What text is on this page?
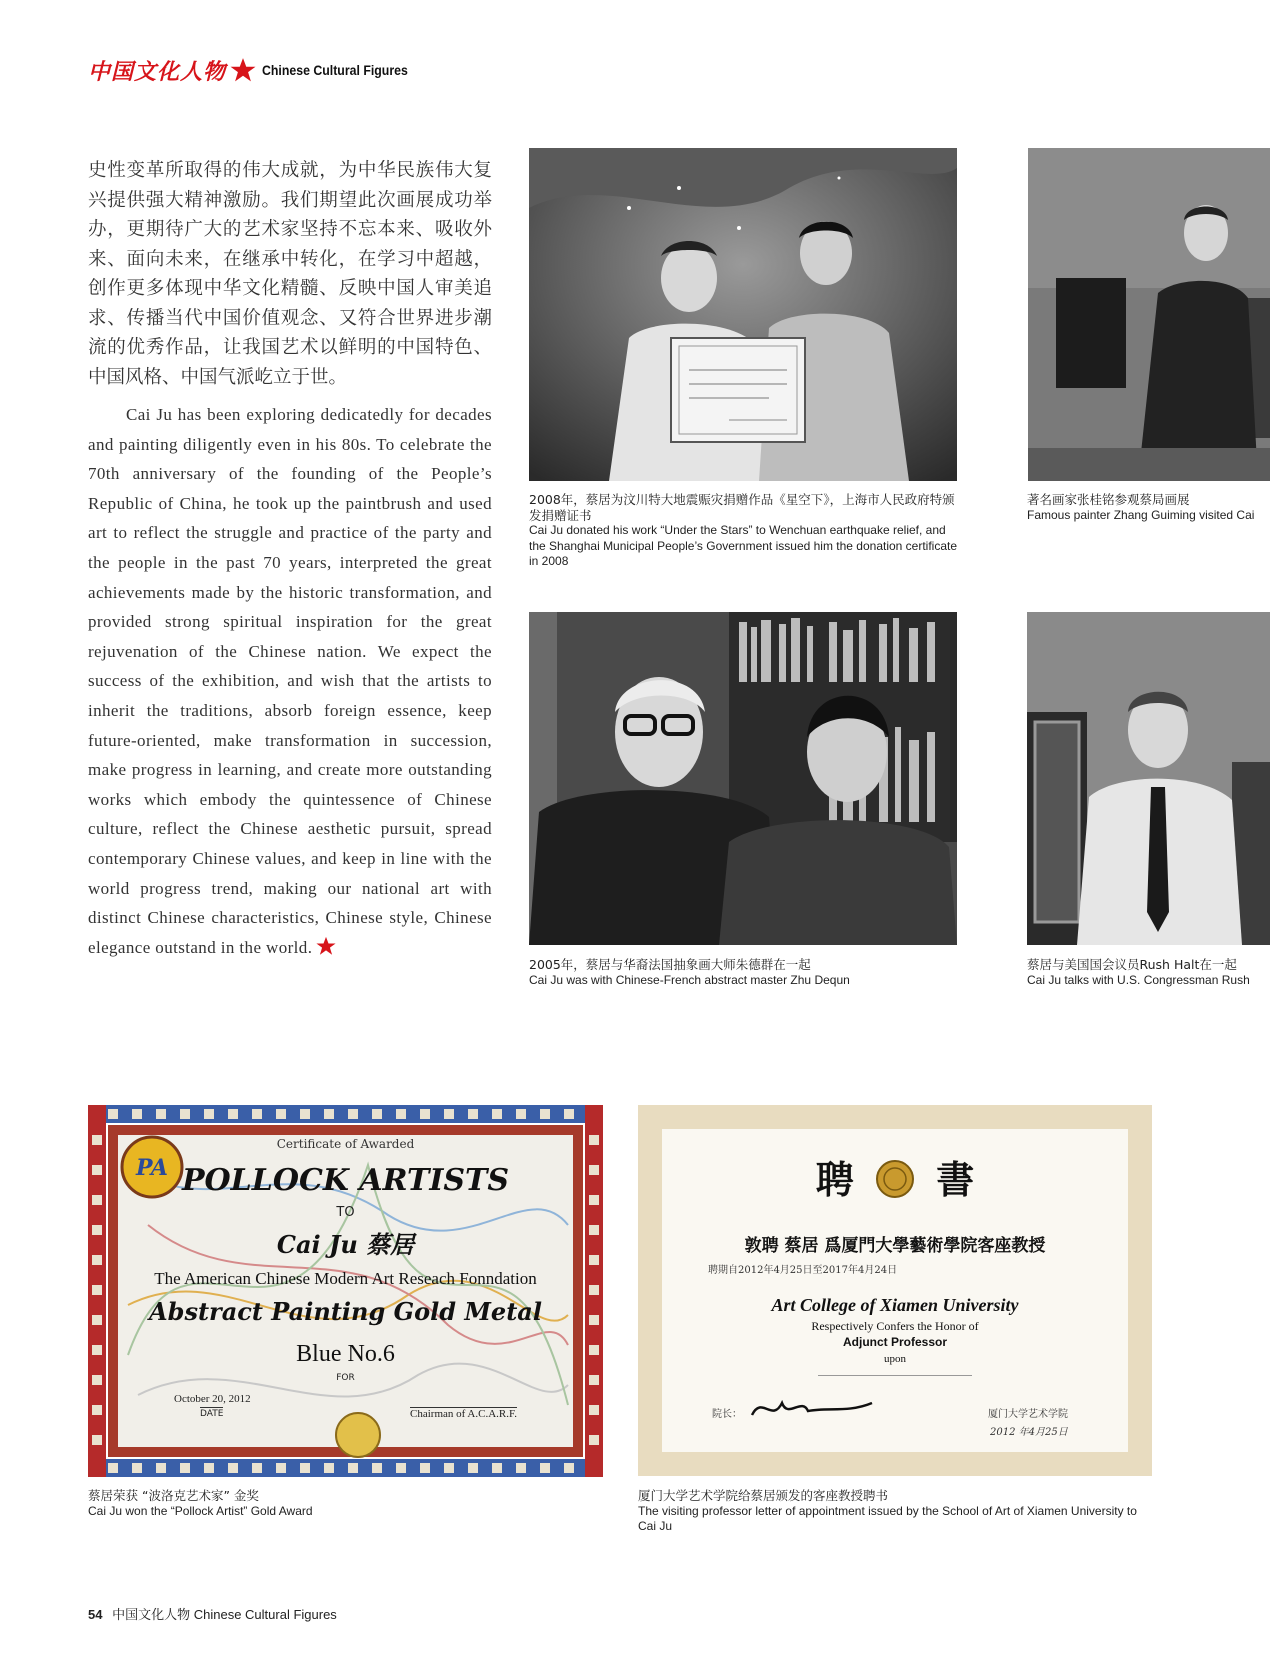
中国文化人物	Chinese Cultural Figures

史性变革所取得的伟大成就，为中华民族伟大复兴提供强大精神激励。我们期望此次画展成功举办，更期待广大的艺术家坚持不忘本来、吸收外来、面向未来，在继承中转化，在学习中超越，创作更多体现中华文化精髓、反映中国人审美追求、传播当代中国价值观念、又符合世界进步潮流的优秀作品，让我国艺术以鲜明的中国特色、中国风格、中国气派屹立于世。

Cai Ju has been exploring dedicatedly for decades and painting diligently even in his 80s. To celebrate the 70th anniversary of the founding of the People’s Republic of China, he took up the paintbrush and used art to reflect the struggle and practice of the party and the people in the past 70 years, interpreted the great achievements made by the historic transformation, and provided strong spiritual inspiration for the great rejuvenation of the Chinese nation. We expect the success of the exhibition, and wish that the artists to inherit the traditions, absorb foreign essence, keep future-oriented, make transformation in succession, make progress in learning, and create more outstanding works which embody the quintessence of Chinese culture, reflect the Chinese aesthetic pursuit, spread contemporary Chinese values, and keep in line with the world progress trend, making our national art with distinct Chinese characteristics, Chinese style, Chinese elegance outstand in the world.

2008年，蔡居为汶川特大地震赈灾捐赠作品《星空下》，上海市人民政府特颁发捐赠证书
Cai Ju donated his work “Under the Stars” to Wenchuan earthquake relief, and the Shanghai Municipal People’s Government issued him the donation certificate in 2008
著名画家张桂铭参观蔡局画展
Famous painter Zhang Guiming visited Cai
2005年，蔡居与华裔法国抽象画大师朱德群在一起
Cai Ju was with Chinese-French abstract master Zhu Dequn
蔡居与美国国会议员Rush Halt在一起
Cai Ju talks with U.S. Congressman Rush
PA
Certificate of Awarded
POLLOCK ARTISTS
TO
Cai Ju 蔡居
The American Chinese Modern Art Reseach Fonndation
Abstract Painting Gold Metal
Blue No.6
FOR
October 20, 2012
DATE	Chairman of A.C.A.R.F.
蔡居荣获 “波洛克艺术家” 金奖
Cai Ju won the “Pollock Artist” Gold Award
聘 書
敦聘 蔡居 爲厦門大學藝術學院客座教授
聘期自2012年4月25日至2017年4月24日
Art College of Xiamen University
Respectively Confers the Honor of
Adjunct Professor
upon
院长：	厦门大学艺术学院
2012 年4月25日
厦门大学艺术学院给蔡居颁发的客座教授聘书
The visiting professor letter of appointment issued by the School of Art of Xiamen University to Cai Ju
54 中国文化人物 Chinese Cultural Figures
